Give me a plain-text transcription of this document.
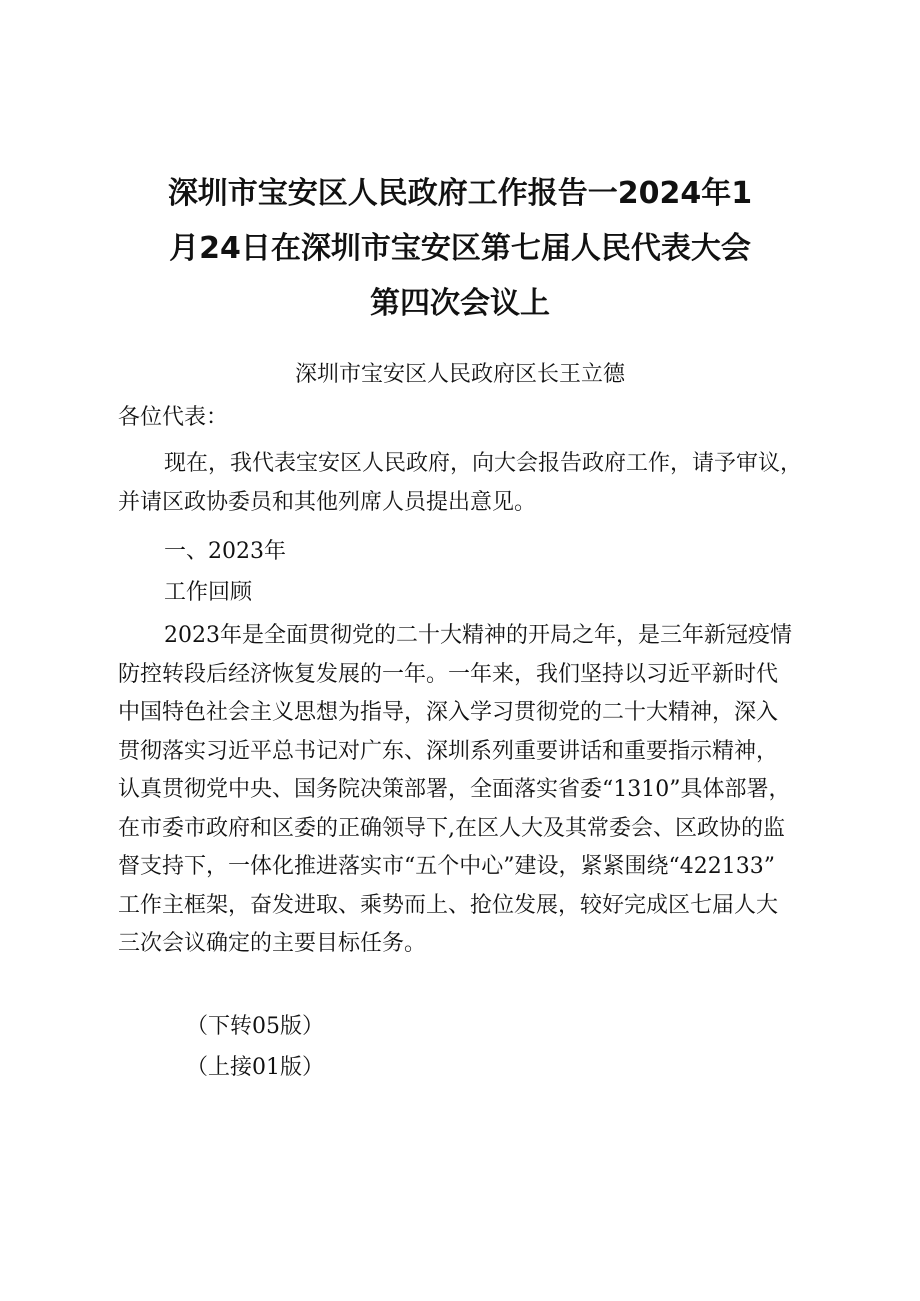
深圳市宝安区人民政府工作报告一2024年1
月24日在深圳市宝安区第七届人民代表大会
第四次会议上
深圳市宝安区人民政府区长王立德
各位代表：
现在，我代表宝安区人民政府，向大会报告政府工作，请予审议，
并请区政协委员和其他列席人员提出意见。
一、2023年
工作回顾
2023年是全面贯彻党的二十大精神的开局之年，是三年新冠疫情
防控转段后经济恢复发展的一年。一年来，我们坚持以习近平新时代
中国特色社会主义思想为指导，深入学习贯彻党的二十大精神，深入
贯彻落实习近平总书记对广东、深圳系列重要讲话和重要指示精神，
认真贯彻党中央、国务院决策部署，全面落实省委“1310”具体部署，
在市委市政府和区委的正确领导下,在区人大及其常委会、区政协的监
督支持下，一体化推进落实市“五个中心”建设，紧紧围绕“422133”
工作主框架，奋发进取、乘势而上、抢位发展，较好完成区七届人大
三次会议确定的主要目标任务。
（下转05版）
（上接01版）
